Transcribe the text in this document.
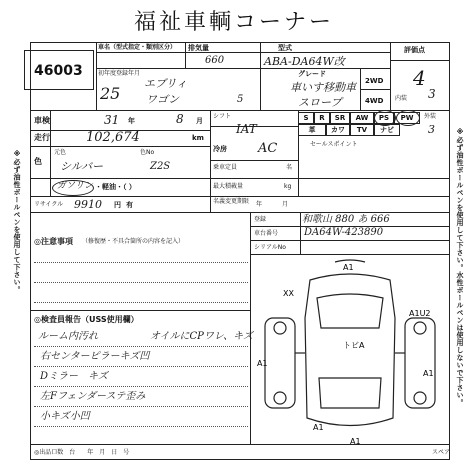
福祉車輌コーナー
※必ず油性ボールペンを使用して下さい。	※必ず油性ボールペンを使用して下さい。水性ボールペンは使用しないで下さい。
46003
車名（型式指定・類別区分） 排気量
660
型式
ABA-DA64W改
評価点
4
初年度登録年月
25
エブリィ
ワゴン	5
グレード
車いす移動車
スロープ
2WD
4WD 内装 3
車検	31 年	8 月
走行	102,674	km
色
元色
シルバー
色No
Z2S
ガソリン ・軽油・（ ）
リサイクル 9910 円 有
シフト
IAT
冷房 AC
乗車定員	名
最大積載量	kg
名義変更期限 年	月
S	R	SR	AW	PS	PW
革	カワ	TV	ナビ
外装
3
セールスポイント
登録	和歌山 880 あ 666
車台番号	DA64W-423890
シリアルNo
◎注意事項 （修復歴・不具合箇所の内容を記入）
◎検査員報告（USS使用欄）
ルーム内汚れ	オイルにCPワレ、キズ
右センターピラーキズ凹
Dミラー　キズ
左Fフェンダーステ歪み
小キズ小凹
A1
XX
A1U2
トビA
A1
A1
A1
A1
スペア
◎出品口数　台　　年　月　日　号
